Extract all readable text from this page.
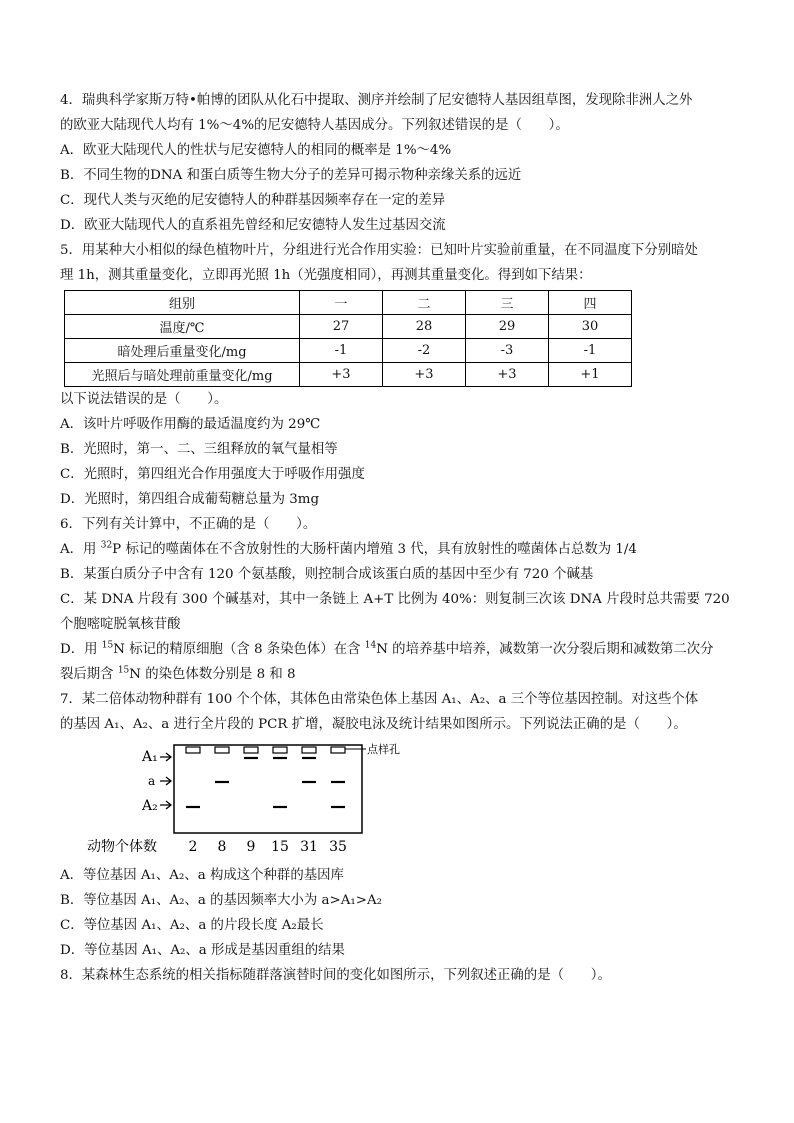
4．瑞典科学家斯万特•帕博的团队从化石中提取、测序并绘制了尼安德特人基因组草图，发现除非洲人之外

的欧亚大陆现代人均有 1%～4%的尼安德特人基因成分。下列叙述错误的是（　　）。

A．欧亚大陆现代人的性状与尼安德特人的相同的概率是 1%～4%

B．不同生物的DNA 和蛋白质等生物大分子的差异可揭示物种亲缘关系的远近

C．现代人类与灭绝的尼安德特人的种群基因频率存在一定的差异

D．欧亚大陆现代人的直系祖先曾经和尼安德特人发生过基因交流

5．用某种大小相似的绿色植物叶片，分组进行光合作用实验：已知叶片实验前重量，在不同温度下分别暗处

理 1h，测其重量变化，立即再光照 1h（光强度相同），再测其重量变化。得到如下结果：

组别	一	二	三	四
温度/℃	27	28	29	30
暗处理后重量变化/mg	-1	-2	-3	-1
光照后与暗处理前重量变化/mg	+3	+3	+3	+1

以下说法错误的是（　　）。

A．该叶片呼吸作用酶的最适温度约为 29℃

B．光照时，第一、二、三组释放的氧气量相等

C．光照时，第四组光合作用强度大于呼吸作用强度

D．光照时，第四组合成葡萄糖总量为 3mg

6．下列有关计算中，不正确的是（　　）。

A．用 $^{32}$P 标记的噬菌体在不含放射性的大肠杆菌内增殖 3 代，具有放射性的噬菌体占总数为 1/4

B．某蛋白质分子中含有 120 个氨基酸，则控制合成该蛋白质的基因中至少有 720 个碱基

C．某 DNA 片段有 300 个碱基对，其中一条链上 A+T 比例为 40%：则复制三次该 DNA 片段时总共需要 720

个胞嘧啶脱氧核苷酸

D．用 $^{15}$N 标记的精原细胞（含 8 条染色体）在含 $^{14}$N 的培养基中培养，减数第一次分裂后期和减数第二次分

裂后期含 $^{15}$N 的染色体数分别是 8 和 8

7．某二倍体动物种群有 100 个个体，其体色由常染色体上基因 A₁、A₂、a 三个等位基因控制。对这些个体

的基因 A₁、A₂、a 进行全片段的 PCR 扩增，凝胶电泳及统计结果如图所示。下列说法正确的是（　　）。

点样孔
A₁
a
A₂
动物个体数 2 8 9 15 31 35

A．等位基因 A₁、A₂、a 构成这个种群的基因库

B．等位基因 A₁、A₂、a 的基因频率大小为 a>A₁>A₂

C．等位基因 A₁、A₂、a 的片段长度 A₂最长

D．等位基因 A₁、A₂、a 形成是基因重组的结果

8．某森林生态系统的相关指标随群落演替时间的变化如图所示，下列叙述正确的是（　　）。
